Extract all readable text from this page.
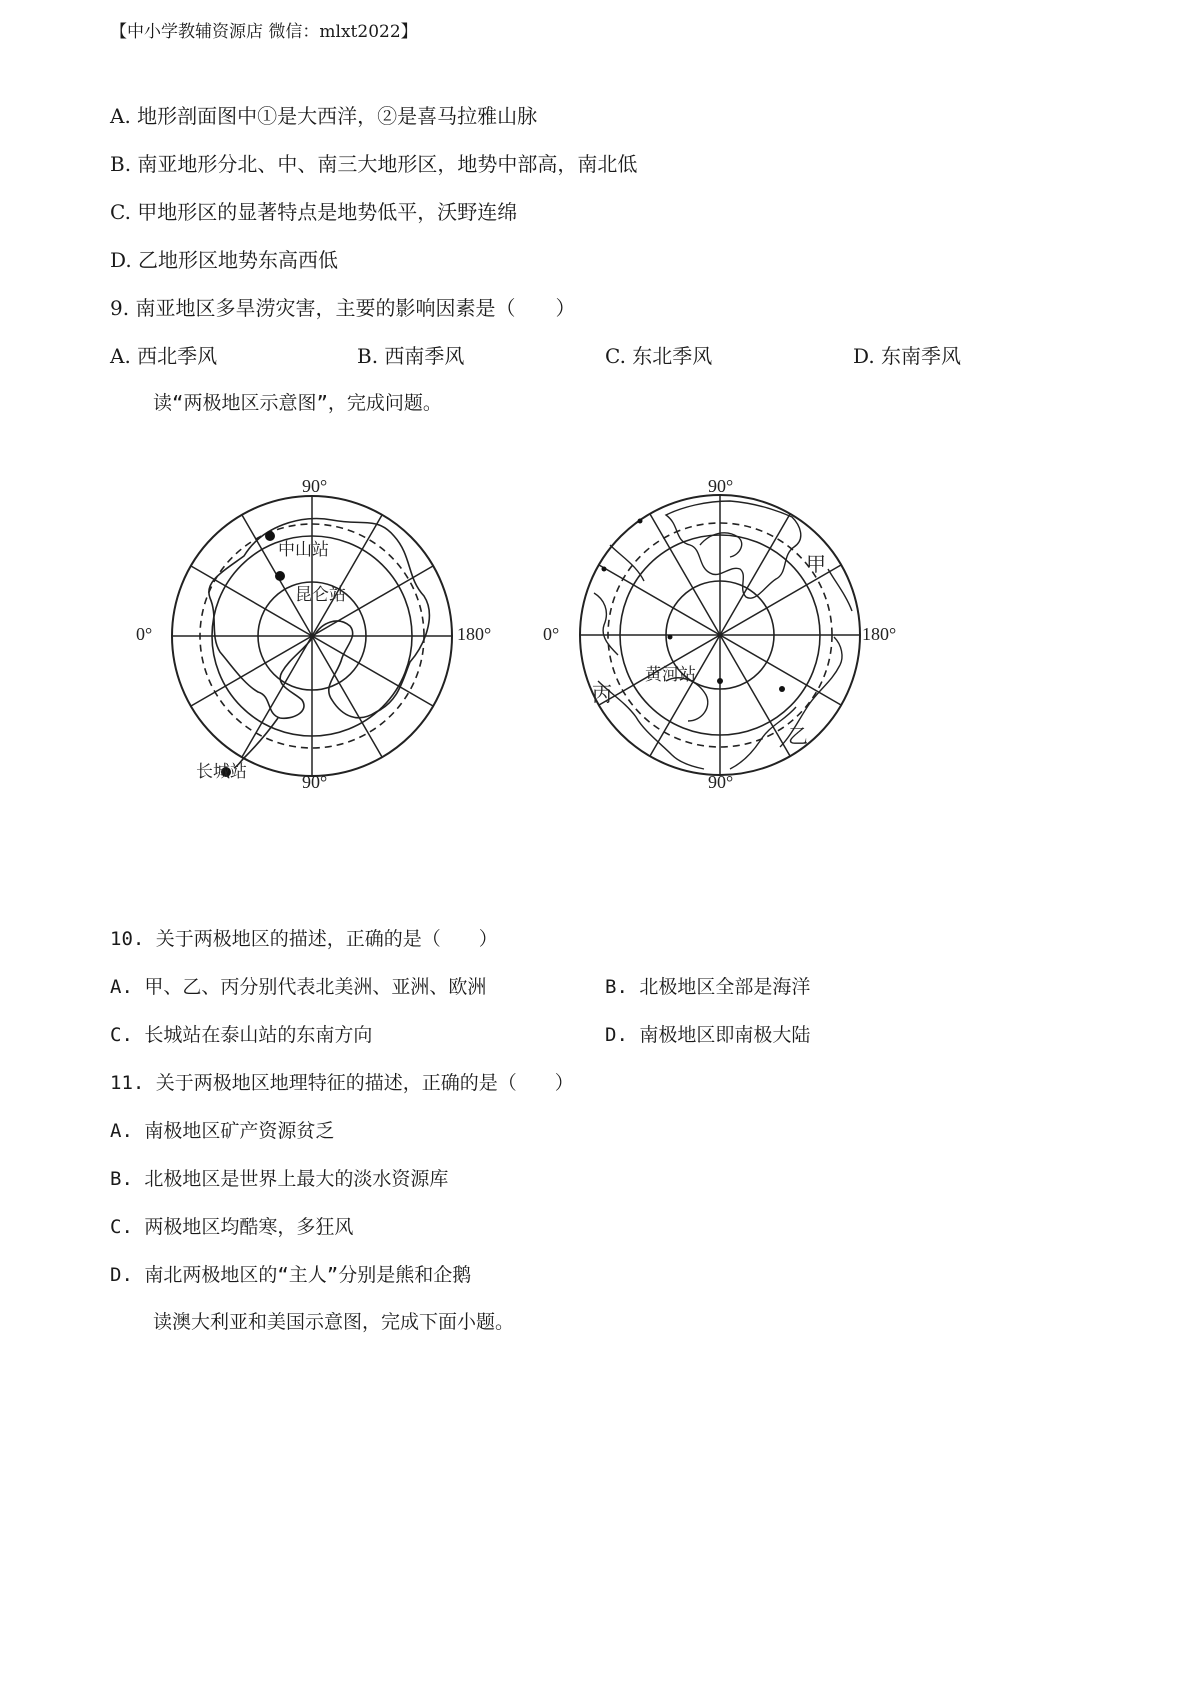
【中小学教辅资源店 微信：mlxt2022】
A. 地形剖面图中①是大西洋，②是喜马拉雅山脉
B. 南亚地形分北、中、南三大地形区，地势中部高，南北低
C. 甲地形区的显著特点是地势低平，沃野连绵
D. 乙地形区地势东高西低
9. 南亚地区多旱涝灾害，主要的影响因素是（　　）
A. 西北季风	B. 西南季风	C. 东北季风	D. 东南季风
读“两极地区示意图”，完成问题。
90°
90°
0°	180°
中山站
昆仑站
长城站
90°
90°
0°	180°
黄河站
甲
乙
丙
10. 关于两极地区的描述，正确的是（　　）
A. 甲、乙、丙分别代表北美洲、亚洲、欧洲	B. 北极地区全部是海洋
C. 长城站在泰山站的东南方向	D. 南极地区即南极大陆
11. 关于两极地区地理特征的描述，正确的是（　　）
A. 南极地区矿产资源贫乏
B. 北极地区是世界上最大的淡水资源库
C. 两极地区均酷寒，多狂风
D. 南北两极地区的“主人”分别是熊和企鹅
读澳大利亚和美国示意图，完成下面小题。
